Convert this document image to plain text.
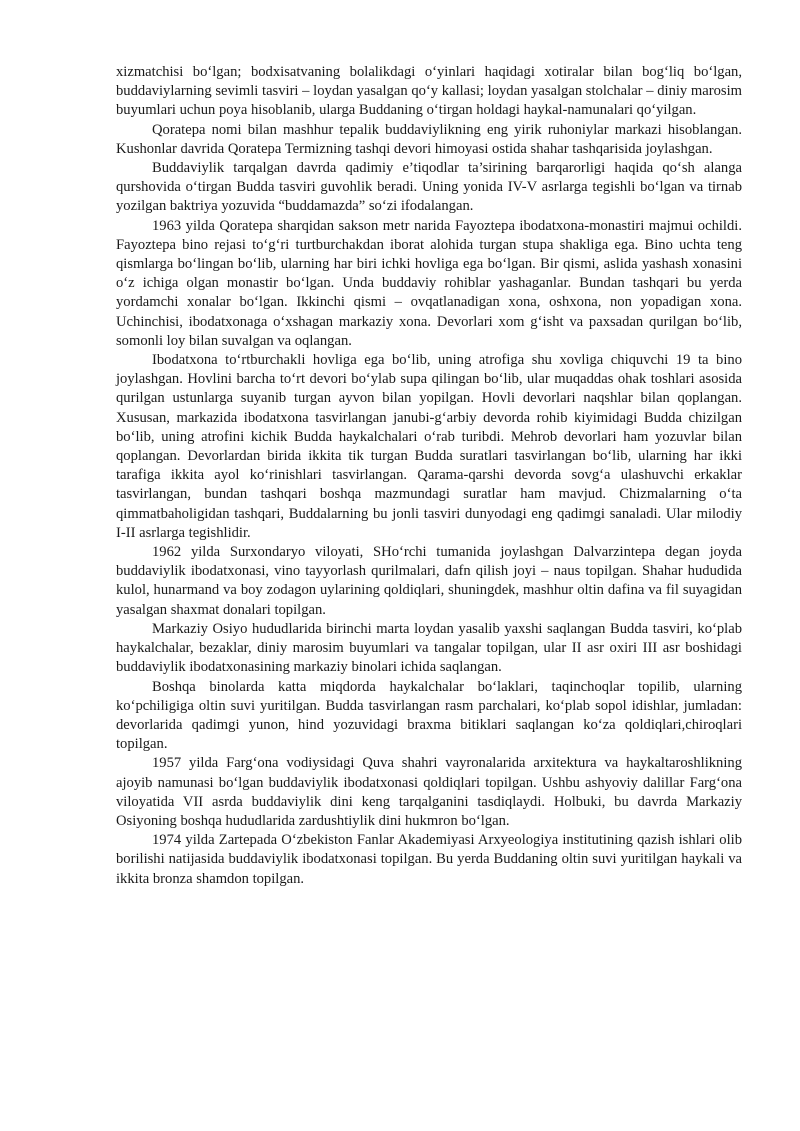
xizmatchisi bo‘lgan; bodxisatvaning bolalikdagi o‘yinlari haqidagi xotiralar bilan bog‘liq bo‘lgan, buddaviylarning sevimli tasviri – loydan yasalgan qo‘y kallasi; loydan yasalgan stolchalar – diniy marosim buyumlari uchun poya hisoblanib, ularga Buddaning o‘tirgan holdagi haykal-namunalari qo‘yilgan.

Qoratepa nomi bilan mashhur tepalik buddaviylikning eng yirik ruhoniylar markazi hisoblangan. Kushonlar davrida Qoratepa Termizning tashqi devori himoyasi ostida shahar tashqarisida joylashgan.

Buddaviylik tarqalgan davrda qadimiy e’tiqodlar ta’sirining barqarorligi haqida qo‘sh alanga qurshovida o‘tirgan Budda tasviri guvohlik beradi. Uning yonida IV-V asrlarga tegishli bo‘lgan va tirnab yozilgan baktriya yozuvida “buddamazda” so‘zi ifodalangan.

1963 yilda Qoratepa sharqidan sakson metr narida Fayoztepa ibodatxona-monastiri majmui ochildi. Fayoztepa bino rejasi to‘g‘ri turtburchakdan iborat alohida turgan stupa shakliga ega. Bino uchta teng qismlarga bo‘lingan bo‘lib, ularning har biri ichki hovliga ega bo‘lgan. Bir qismi, aslida yashash xonasini o‘z ichiga olgan monastir bo‘lgan. Unda buddaviy rohiblar yashaganlar. Bundan tashqari bu yerda yordamchi xonalar bo‘lgan. Ikkinchi qismi – ovqatlanadigan xona, oshxona, non yopadigan xona. Uchinchisi, ibodatxonaga o‘xshagan markaziy xona. Devorlari xom g‘isht va paxsadan qurilgan bo‘lib, somonli loy bilan suvalgan va oqlangan.

Ibodatxona to‘rtburchakli hovliga ega bo‘lib, uning atrofiga shu xovliga chiquvchi 19 ta bino joylashgan. Hovlini barcha to‘rt devori bo‘ylab supa qilingan bo‘lib, ular muqaddas ohak toshlari asosida qurilgan ustunlarga suyanib turgan ayvon bilan yopilgan. Hovli devorlari naqshlar bilan qoplangan. Xususan, markazida ibodatxona tasvirlangan janubi-g‘arbiy devorda rohib kiyimidagi Budda chizilgan bo‘lib, uning atrofini kichik Budda haykalchalari o‘rab turibdi. Mehrob devorlari ham yozuvlar bilan qoplangan. Devorlardan birida ikkita tik turgan Budda suratlari tasvirlangan bo‘lib, ularning har ikki tarafiga ikkita ayol ko‘rinishlari tasvirlangan. Qarama-qarshi devorda sovg‘a ulashuvchi erkaklar tasvirlangan, bundan tashqari boshqa mazmundagi suratlar ham mavjud. Chizmalarning o‘ta qimmatbaholigidan tashqari, Buddalarning bu jonli tasviri dunyodagi eng qadimgi sanaladi. Ular milodiy I-II asrlarga tegishlidir.

1962 yilda Surxondaryo viloyati, SHo‘rchi tumanida joylashgan Dalvarzintepa degan joyda buddaviylik ibodatxonasi, vino tayyorlash qurilmalari, dafn qilish joyi – naus topilgan. Shahar hududida kulol, hunarmand va boy zodagon uylarining qoldiqlari, shuningdek, mashhur oltin dafina va fil suyagidan yasalgan shaxmat donalari topilgan.

Markaziy Osiyo hududlarida birinchi marta loydan yasalib yaxshi saqlangan Budda tasviri, ko‘plab haykalchalar, bezaklar, diniy marosim buyumlari va tangalar topilgan, ular II asr oxiri III asr boshidagi buddaviylik ibodatxonasining markaziy binolari ichida saqlangan.

Boshqa binolarda katta miqdorda haykalchalar bo‘laklari, taqinchoqlar topilib, ularning ko‘pchiligiga oltin suvi yuritilgan. Budda tasvirlangan rasm parchalari, ko‘plab sopol idishlar, jumladan: devorlarida qadimgi yunon, hind yozuvidagi braxma bitiklari saqlangan ko‘za qoldiqlari,chiroqlari topilgan.

1957 yilda Farg‘ona vodiysidagi Quva shahri vayronalarida arxitektura va haykaltaroshlikning ajoyib namunasi bo‘lgan buddaviylik ibodatxonasi qoldiqlari topilgan. Ushbu ashyoviy dalillar Farg‘ona viloyatida VII asrda buddaviylik dini keng tarqalganini tasdiqlaydi. Holbuki, bu davrda Markaziy Osiyoning boshqa hududlarida zardushtiylik dini hukmron bo‘lgan.

1974 yilda Zartepada O‘zbekiston Fanlar Akademiyasi Arxyeologiya institutining qazish ishlari olib borilishi natijasida buddaviylik ibodatxonasi topilgan. Bu yerda Buddaning oltin suvi yuritilgan haykali va ikkita bronza shamdon topilgan.
